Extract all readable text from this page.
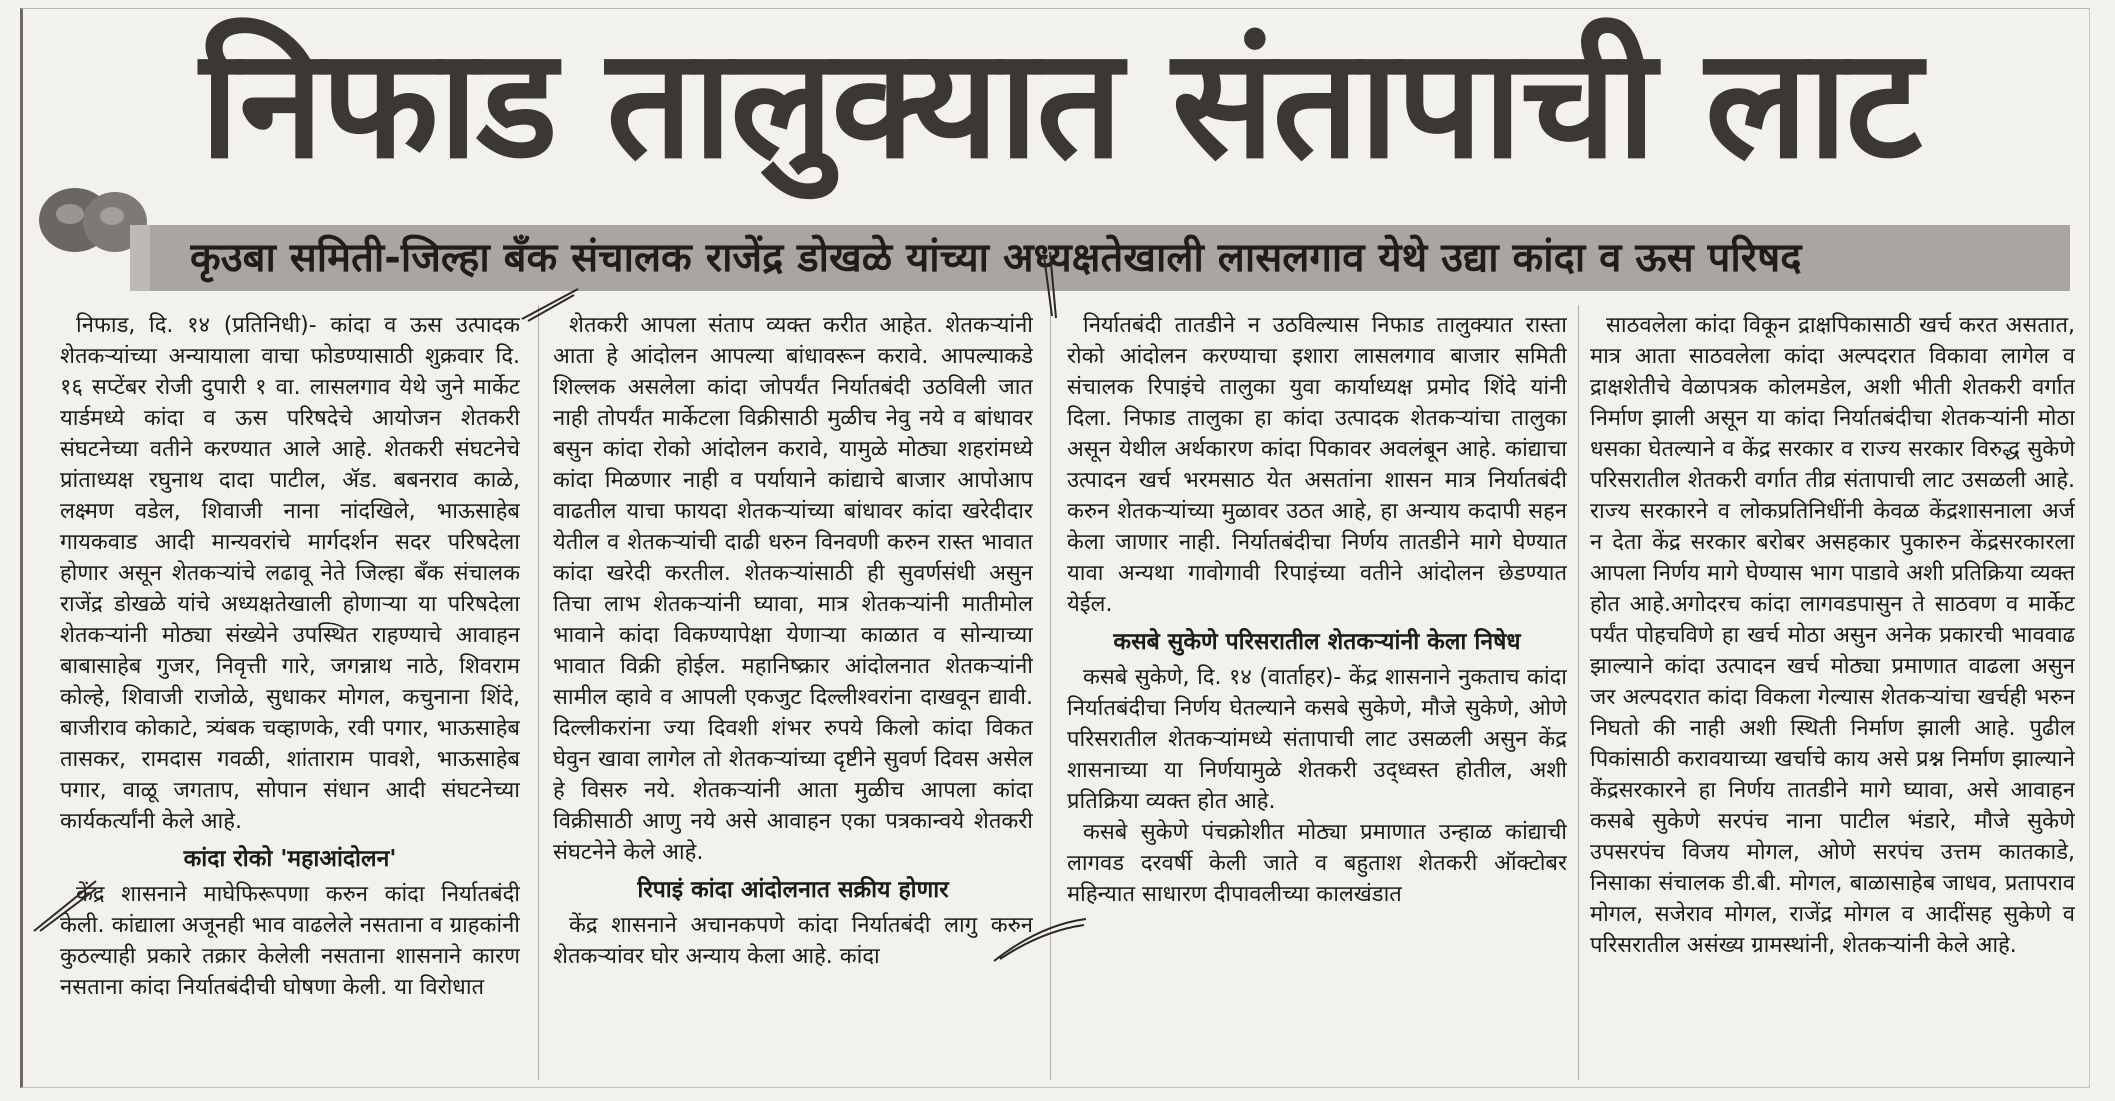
निफाड तालुक्यात संतापाची लाट
कृउबा समिती-जिल्हा बँक संचालक राजेंद्र डोखळे यांच्या अध्यक्षतेखाली लासलगाव येथे उद्या कांदा व ऊस परिषद

निफाड, दि. १४ (प्रतिनिधी)- कांदा व ऊस उत्पादक शेतकऱ्यांच्या अन्यायाला वाचा फोडण्यासाठी शुक्रवार दि. १६ सप्टेंबर रोजी दुपारी १ वा. लासलगाव येथे जुने मार्केट यार्डमध्ये कांदा व ऊस परिषदेचे आयोजन शेतकरी संघटनेच्या वतीने करण्यात आले आहे. शेतकरी संघटनेचे प्रांताध्यक्ष रघुनाथ दादा पाटील, ॲड. बबनराव काळे, लक्ष्मण वडेल, शिवाजी नाना नांदखिले, भाऊसाहेब गायकवाड आदी मान्यवरांचे मार्गदर्शन सदर परिषदेला होणार असून शेतकऱ्यांचे लढावू नेते जिल्हा बँक संचालक राजेंद्र डोखळे यांचे अध्यक्षतेखाली होणाऱ्या या परिषदेला शेतकऱ्यांनी मोठ्या संख्येने उपस्थित राहण्याचे आवाहन बाबासाहेब गुजर, निवृत्ती गारे, जगन्नाथ नाठे, शिवराम कोल्हे, शिवाजी राजोळे, सुधाकर मोगल, कचुनाना शिंदे, बाजीराव कोकाटे, त्र्यंबक चव्हाणके, रवी पगार, भाऊसाहेब तासकर, रामदास गवळी, शांताराम पावशे, भाऊसाहेब पगार, वाळू जगताप, सोपान संधान आदी संघटनेच्या कार्यकर्त्यांनी केले आहे.

कांदा रोको 'महाआंदोलन'

केंद्र शासनाने माघेफिरूपणा करुन कांदा निर्यातबंदी केली. कांद्याला अजूनही भाव वाढलेले नसताना व ग्राहकांनी कुठल्याही प्रकारे तक्रार केलेली नसताना शासनाने कारण नसताना कांदा निर्यातबंदीची घोषणा केली. या विरोधात

शेतकरी आपला संताप व्यक्त करीत आहेत. शेतकऱ्यांनी आता हे आंदोलन आपल्या बांधावरून करावे. आपल्याकडे शिल्लक असलेला कांदा जोपर्यंत निर्यातबंदी उठविली जात नाही तोपर्यंत मार्केटला विक्रीसाठी मुळीच नेवु नये व बांधावर बसुन कांदा रोको आंदोलन करावे, यामुळे मोठ्या शहरांमध्ये कांदा मिळणार नाही व पर्यायाने कांद्याचे बाजार आपोआप वाढतील याचा फायदा शेतकऱ्यांच्या बांधावर कांदा खरेदीदार येतील व शेतकऱ्यांची दाढी धरुन विनवणी करुन रास्त भावात कांदा खरेदी करतील. शेतकऱ्यांसाठी ही सुवर्णसंधी असुन तिचा लाभ शेतकऱ्यांनी घ्यावा, मात्र शेतकऱ्यांनी मातीमोल भावाने कांदा विकण्यापेक्षा येणाऱ्या काळात व सोन्याच्या भावात विक्री होईल. महानिष्क्रार आंदोलनात शेतकऱ्यांनी सामील व्हावे व आपली एकजुट दिल्लीश्वरांना दाखवून द्यावी. दिल्लीकरांना ज्या दिवशी शंभर रुपये किलो कांदा विकत घेवुन खावा लागेल तो शेतकऱ्यांच्या दृष्टीने सुवर्ण दिवस असेल हे विसरु नये. शेतकऱ्यांनी आता मुळीच आपला कांदा विक्रीसाठी आणु नये असे आवाहन एका पत्रकान्वये शेतकरी संघटनेने केले आहे.

रिपाइं कांदा आंदोलनात सक्रीय होणार

केंद्र शासनाने अचानकपणे कांदा निर्यातबंदी लागु करुन शेतकऱ्यांवर घोर अन्याय केला आहे. कांदा

निर्यातबंदी तातडीने न उठविल्यास निफाड तालुक्यात रास्ता रोको आंदोलन करण्याचा इशारा लासलगाव बाजार समिती संचालक रिपाइंचे तालुका युवा कार्याध्यक्ष प्रमोद शिंदे यांनी दिला. निफाड तालुका हा कांदा उत्पादक शेतकऱ्यांचा तालुका असून येथील अर्थकारण कांदा पिकावर अवलंबून आहे. कांद्याचा उत्पादन खर्च भरमसाठ येत असतांना शासन मात्र निर्यातबंदी करुन शेतकऱ्यांच्या मुळावर उठत आहे, हा अन्याय कदापी सहन केला जाणार नाही. निर्यातबंदीचा निर्णय तातडीने मागे घेण्यात यावा अन्यथा गावोगावी रिपाइंच्या वतीने आंदोलन छेडण्यात येईल.

कसबे सुकेणे परिसरातील शेतकऱ्यांनी केला निषेध

कसबे सुकेणे, दि. १४ (वार्ताहर)- केंद्र शासनाने नुकताच कांदा निर्यातबंदीचा निर्णय घेतल्याने कसबे सुकेणे, मौजे सुकेणे, ओणे परिसरातील शेतकऱ्यांमध्ये संतापाची लाट उसळली असुन केंद्र शासनाच्या या निर्णयामुळे शेतकरी उद्ध्वस्त होतील, अशी प्रतिक्रिया व्यक्त होत आहे.

कसबे सुकेणे पंचक्रोशीत मोठ्या प्रमाणात उन्हाळ कांद्याची लागवड दरवर्षी केली जाते व बहुताश शेतकरी ऑक्टोबर महिन्यात साधारण दीपावलीच्या कालखंडात

साठवलेला कांदा विकून द्राक्षपिकासाठी खर्च करत असतात, मात्र आता साठवलेला कांदा अल्पदरात विकावा लागेल व द्राक्षशेतीचे वेळापत्रक कोलमडेल, अशी भीती शेतकरी वर्गात निर्माण झाली असून या कांदा निर्यातबंदीचा शेतकऱ्यांनी मोठा धसका घेतल्याने व केंद्र सरकार व राज्य सरकार विरुद्ध सुकेणे परिसरातील शेतकरी वर्गात तीव्र संतापाची लाट उसळली आहे. राज्य सरकारने व लोकप्रतिनिधींनी केवळ केंद्रशासनाला अर्ज न देता केंद्र सरकार बरोबर असहकार पुकारुन केंद्रसरकारला आपला निर्णय मागे घेण्यास भाग पाडावे अशी प्रतिक्रिया व्यक्त होत आहे.अगोदरच कांदा लागवडपासुन ते साठवण व मार्केट पर्यंत पोहचविणे हा खर्च मोठा असुन अनेक प्रकारची भाववाढ झाल्याने कांदा उत्पादन खर्च मोठ्या प्रमाणात वाढला असुन जर अल्पदरात कांदा विकला गेल्यास शेतकऱ्यांचा खर्चही भरुन निघतो की नाही अशी स्थिती निर्माण झाली आहे. पुढील पिकांसाठी करावयाच्या खर्चाचे काय असे प्रश्न निर्माण झाल्याने केंद्रसरकारने हा निर्णय तातडीने मागे घ्यावा, असे आवाहन कसबे सुकेणे सरपंच नाना पाटील भंडारे, मौजे सुकेणे उपसरपंच विजय मोगल, ओणे सरपंच उत्तम कातकाडे, निसाका संचालक डी.बी. मोगल, बाळासाहेब जाधव, प्रतापराव मोगल, सजेराव मोगल, राजेंद्र मोगल व आदींसह सुकेणे व परिसरातील असंख्य ग्रामस्थांनी, शेतकऱ्यांनी केले आहे.
